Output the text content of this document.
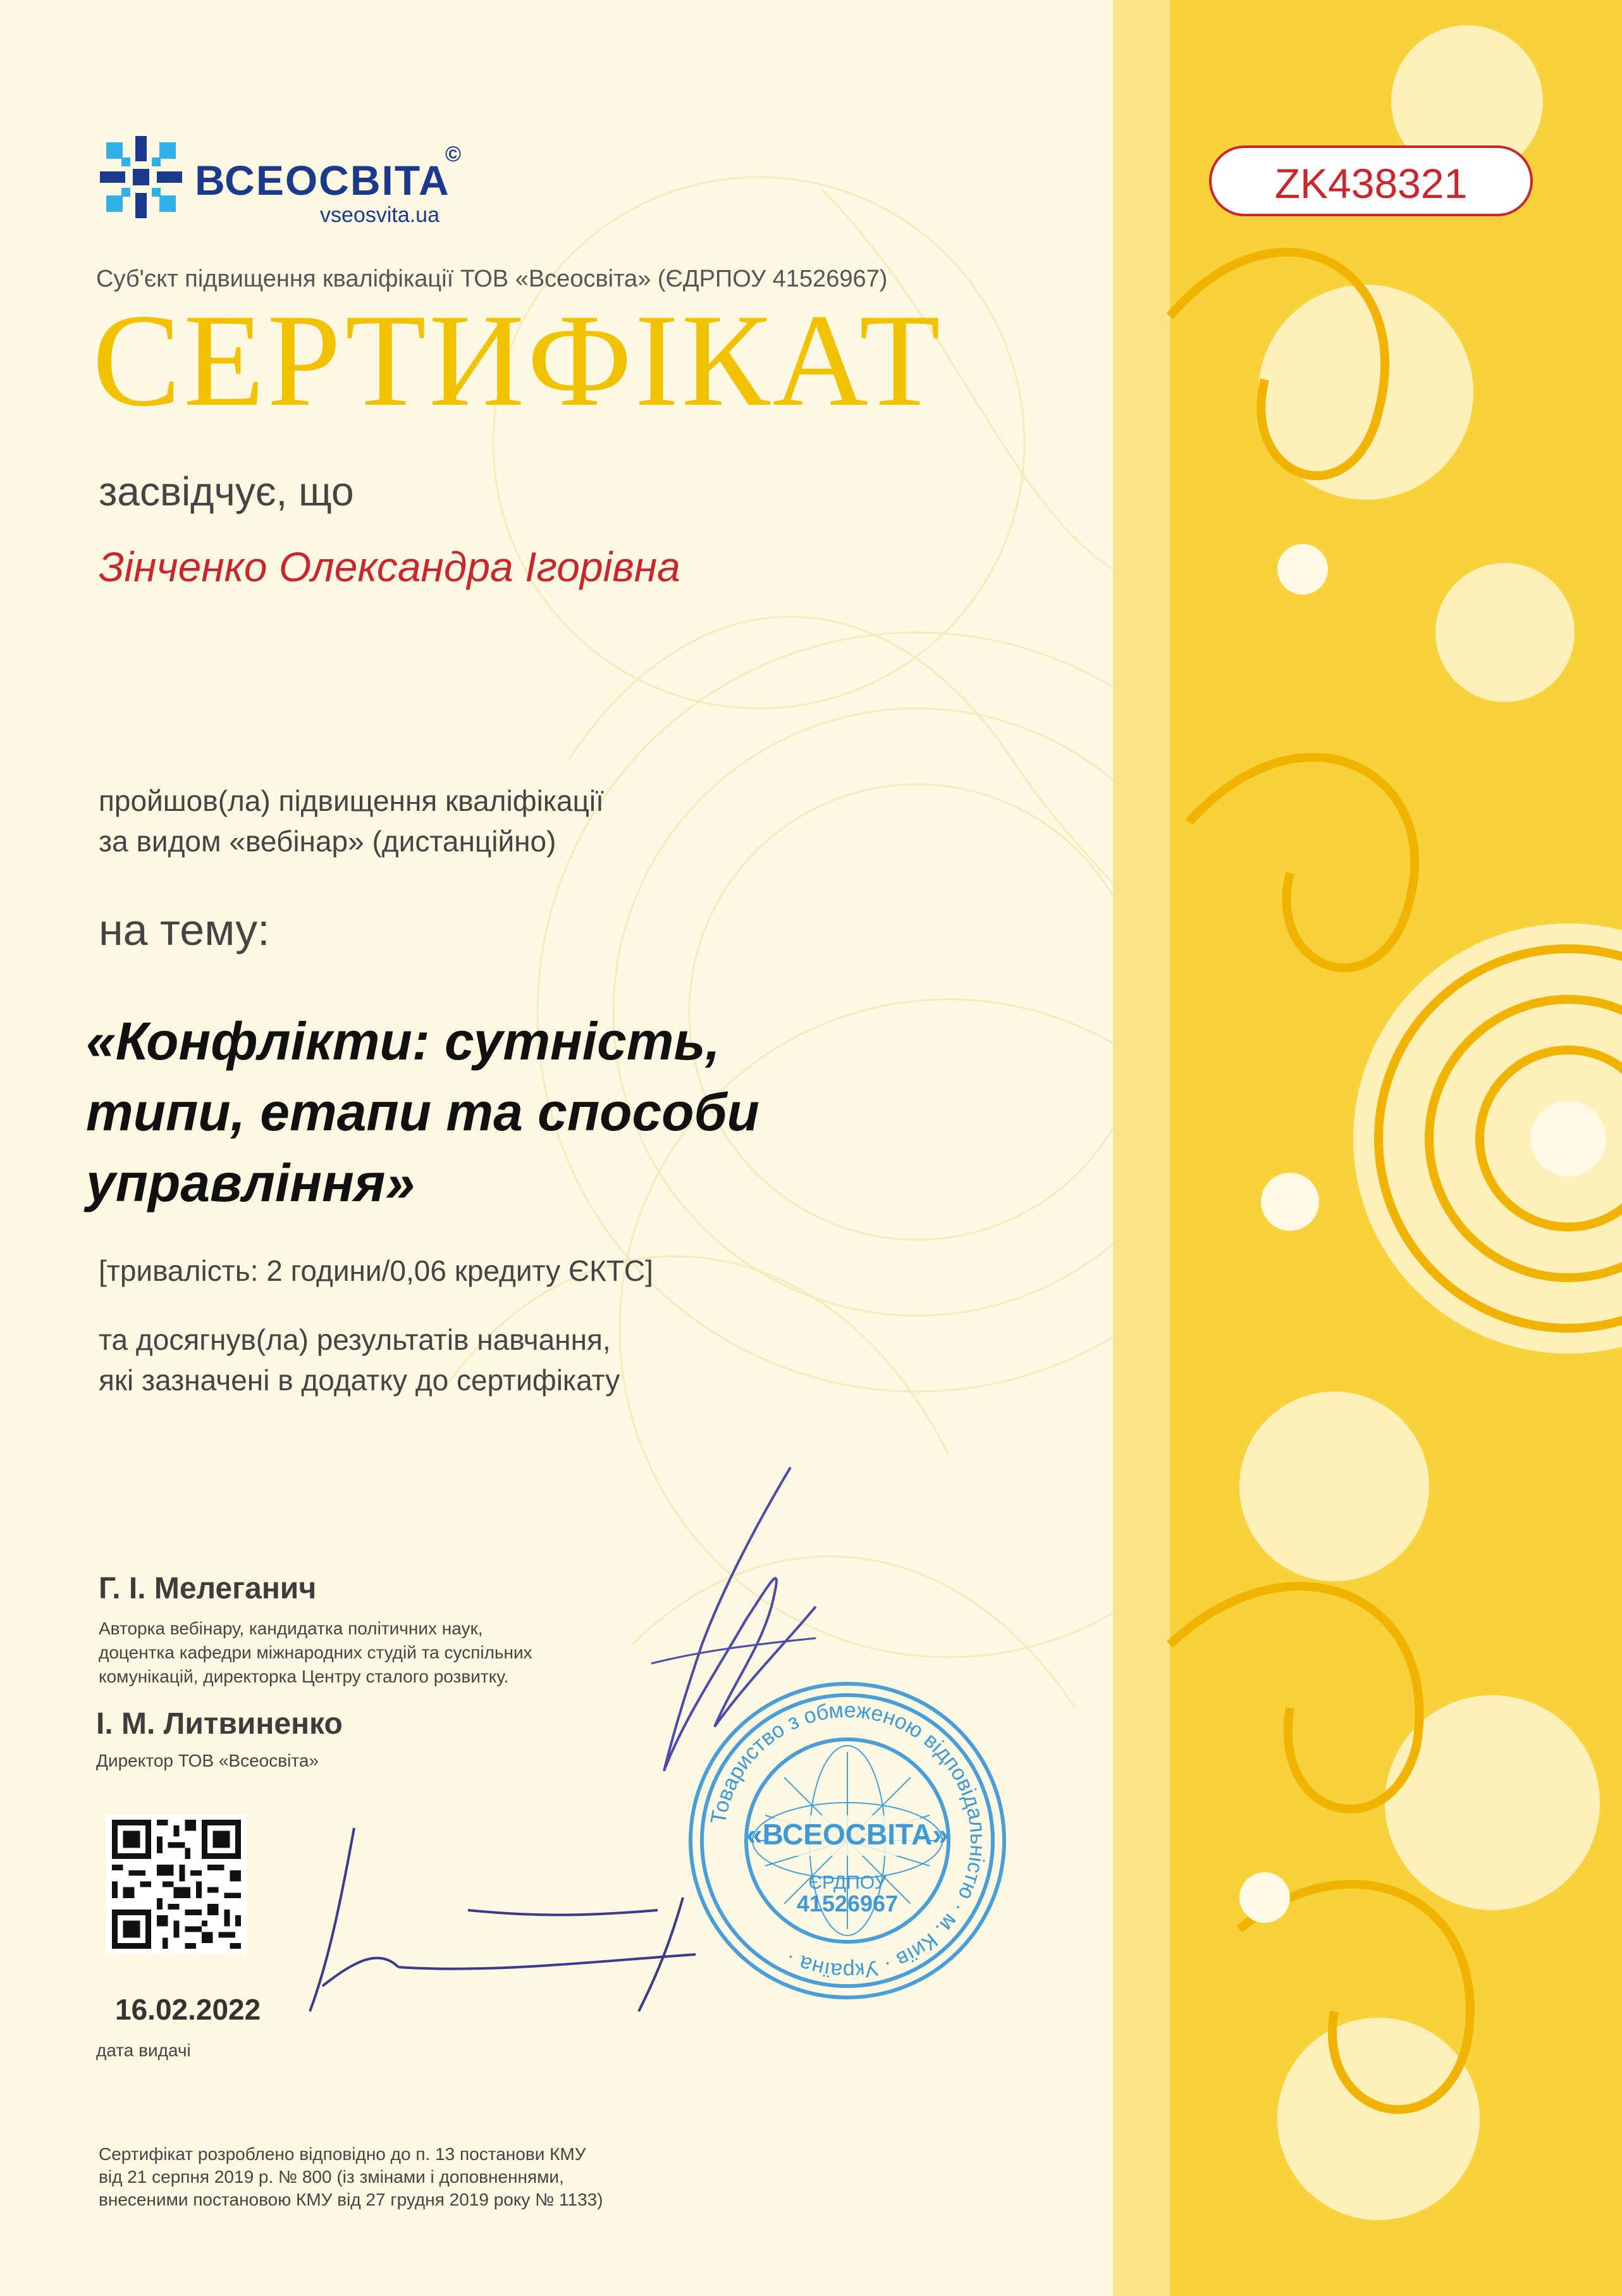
ВСЕОСВІТА
©
vseosvita.ua
ZK438321
Суб'єкт підвищення кваліфікації ТОВ «Всеосвіта» (ЄДРПОУ 41526967)
СЕРТИФІКАТ
засвідчує, що
Зінченко Олександра Ігорівна
пройшов(ла) підвищення кваліфікації
за видом «вебінар» (дистанційно)
на тему:
«Конфлікти: сутність,
типи, етапи та способи
управління»
[тривалість: 2 години/0,06 кредиту ЄКТС]
та досягнув(ла) результатів навчання,
які зазначені в додатку до сертифікату
Г. І. Мелеганич
Авторка вебінару, кандидатка політичних наук,
доцентка кафедри міжнародних студій та суспільних
комунікацій, директорка Центру сталого розвитку.
І. М. Литвиненко
Директор ТОВ «Всеосвіта»
16.02.2022
дата видачі
Сертифікат розроблено відповідно до п. 13 постанови КМУ
від 21 серпня 2019 р. № 800 (із змінами і доповненнями,
внесеними постановою КМУ від 27 грудня 2019 року № 1133)
«ВСЕОСВІТА»
ЄРДПОУ
41526967
Товариство з обмеженою відповідальністю · м. Київ · Україна ·
